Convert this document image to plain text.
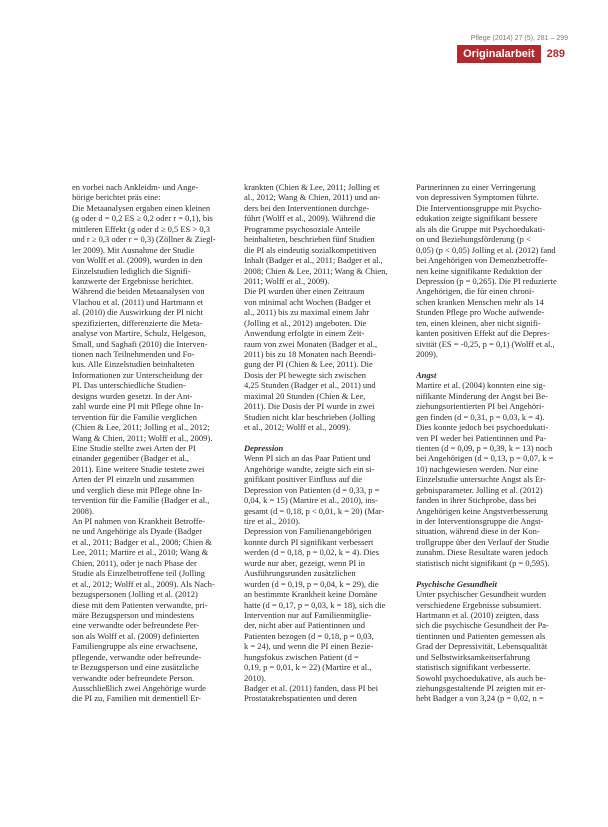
Pflege (2014) 27 (5), 281 – 299
Originalarbeit	289
en vorbei nach Ankleidm- und Ange-
hörige berichtet präs eine:
Die Metaanalysen ergaben einen kleinen
(g oder d = 0,2 ES ≥ 0,2 oder r = 0,1), bis
mittleren Effekt (g oder d ≥ 0,5 ES > 0,3
und r ≥ 0,3 oder r = 0,3) (Zöllner & Ziegl-
ler 2009). Mit Ausnahme der Studie
von Wolff et al. (2009), wurden in den
Einzelstudien lediglich die Signifi-
kanzwerte der Ergebnisse berichtet.
Während die beiden Metaanalysen von
Vlachou et al. (2011) und Hartmann et
al. (2010) die Auswirkung der PI nicht
spezifizierten, differenzierte die Meta-
analyse von Martire, Schulz, Helgeson,
Small, und Saghafi (2010) die Interven-
tionen nach Teilnehmenden und Fo-
kus. Alle Einzelstudien beinhalteten
Informationen zur Unterscheidung der
PI. Das unterschiedliche Studien-
designs wurden gesetzt. In der Ant-
zahl wurde eine PI mit Pflege ohne In-
tervention für die Familie verglichen
(Chien & Lee, 2011; Jolling et al., 2012;
Wang & Chien, 2011; Wolff et al., 2009).
Eine Studie stellte zwei Arten der PI
einander gegenüber (Badger et al.,
2011). Eine weitere Studie testete zwei
Arten der PI einzeln und zusammen
und verglich diese mit Pflege ohne In-
tervention für die Familie (Badger et al.,
2008).
An PI nahmen von Krankheit Betroffe-
ne und Angehörige als Dyade (Badger
et al., 2011; Badger et al., 2008; Chien &
Lee, 2011; Martire et al., 2010; Wang &
Chien, 2011), oder je nach Phase der
Studie als Einzelbetroffene teil (Jolling
et al., 2012; Wolff et al., 2009). Als Nach-
bezugspersonen (Jolling et al. (2012)
diese mit dem Patienten verwandte, pri-
märe Bezugsperson und mindestens
eine verwandte oder befreundete Per-
son als Wolff et al. (2009) definierten
Familiengruppe als eine erwachsene,
pflegende, verwandte oder befreunde-
te Bezugsperson und eine zusätzliche
verwandte oder befreundete Person.
Ausschließlich zwei Angehörige wurde
die PI zu, Familien mit dementiell Er-
krankten (Chien & Lee, 2011; Jolling et
al., 2012; Wang & Chien, 2011) und an-
ders bei den Interventionen durchge-
führt (Wolff et al., 2009). Während die
Programme psychosoziale Anteile
beinhalteten, beschrieben fünf Studien
die PI als eindeutig sozialkompetitiven
Inhalt (Badger et al., 2011; Badger et al.,
2008; Chien & Lee, 2011; Wang & Chien,
2011; Wolff et al., 2009).
Die PI wurden über einen Zeitraum
von minimal acht Wochen (Badger et
al., 2011) bis zu maximal einem Jahr
(Jolling et al., 2012) angeboten. Die
Anwendung erfolgte in einem Zeit-
raum von zwei Monaten (Badger et al.,
2011) bis zu 18 Monaten nach Beendi-
gung der PI (Chien & Lee, 2011). Die
Dosis der PI bewegte sich zwischen
4,25 Stunden (Badger et al., 2011) und
maximal 20 Stunden (Chien & Lee,
2011). Die Dosis der PI wurde in zwei
Studien nicht klar beschrieben (Jolling
et al., 2012; Wolff et al., 2009).
Depression
Wenn PI sich an das Paar Patient und
Angehörige wandte, zeigte sich ein si-
gnifikant positiver Einfluss auf die
Depression von Patienten (d = 0,33, p =
0,04, k = 15) (Martire et al., 2010), ins-
gesamt (d = 0,18, p < 0,01, k = 20) (Mar-
tire et al., 2010).
Depression von Familienangehörigen
konnte durch PI signifikant verbessert
werden (d = 0,18, p = 0,02, k = 4). Dies
wurde nur aber, gezeigt, wenn PI in
Ausführungsrunden zusätzlichen
wurden (d = 0,19, p = 0,04, k = 29), die
an bestimmte Krankheit keine Domäne
hatte (d = 0,17, p = 0,03, k = 18), sich die
Intervention nur auf Familienmitglie-
der, nicht aber auf Patientinnen und
Patienten bezogen (d = 0,18, p = 0,03,
k = 24), und wenn die PI einen Bezie-
hungsfokus zwischen Patient (d =
0,19, p = 0,01, k = 22) (Martire et al.,
2010).
Badger et al. (2011) fanden, dass PI bei
Prostatakrebspatienten und deren
Partnerinnen zu einer Verringerung
von depressiven Symptomen führte.
Die Interventionsgruppe mit Psycho-
edukation zeigte signifikant bessere
als als die Gruppe mit Psychoedukati-
on und Beziehungsförderung (p <
0,05) (p < 0,05) Jolling et al. (2012) fand
bei Angehörigen von Demenzbetroffe-
nen keine signifikante Reduktion der
Depression (p = 0,265). Die PI reduzierte
Angehörigen, die für einen chroni-
schen kranken Menschen mehr als 14
Stunden Pflege pro Woche aufwende-
ten, einen kleinen, aber nicht signifi-
kanten positiven Effekt auf die Depres-
sivität (ES = -0,25, p = 0,1) (Wolff et al.,
2009).
Angst
Martire et al. (2004) konnten eine sig-
nifikante Minderung der Angst bei Be-
ziehungsorientierten PI bei Angehöri-
gen finden (d = 0,31, p = 0,03, k = 4).
Dies konnte jedoch bei psychoedukati-
ven PI weder bei Patientinnen und Pa-
tienten (d = 0,09, p = 0,39, k = 13) noch
bei Angehörigen (d = 0,13, p = 0,07, k =
10) nachgewiesen werden. Nur eine
Einzelstudie untersuchte Angst als Er-
gebnisparameter. Jolling et al. (2012)
fanden in ihrer Stichprobe, dass bei
Angehörigen keine Angstverbesserung
in der Interventionsgruppe die Angst-
situation, während diese in der Kon-
trollgruppe über den Verlauf der Studie
zunahm. Diese Resultate waren jedoch
statistisch nicht signifikant (p = 0,595).
Psychische Gesundheit
Unter psychischer Gesundheit wurden
verschiedene Ergebnisse subsumiert.
Hartmann et al. (2010) zeigten, dass
sich die psychische Gesundheit der Pa-
tientinnen und Patienten gemessen als
Grad der Depressivität, Lebensqualität
und Selbstwirksamkeitserfahrung
statistisch signifikant verbesserte.
Sowohl psychoedukative, als auch be-
ziehungsgestaltende PI zeigten mit er-
hebt Badger a von 3,24 (p = 0,02, n =
